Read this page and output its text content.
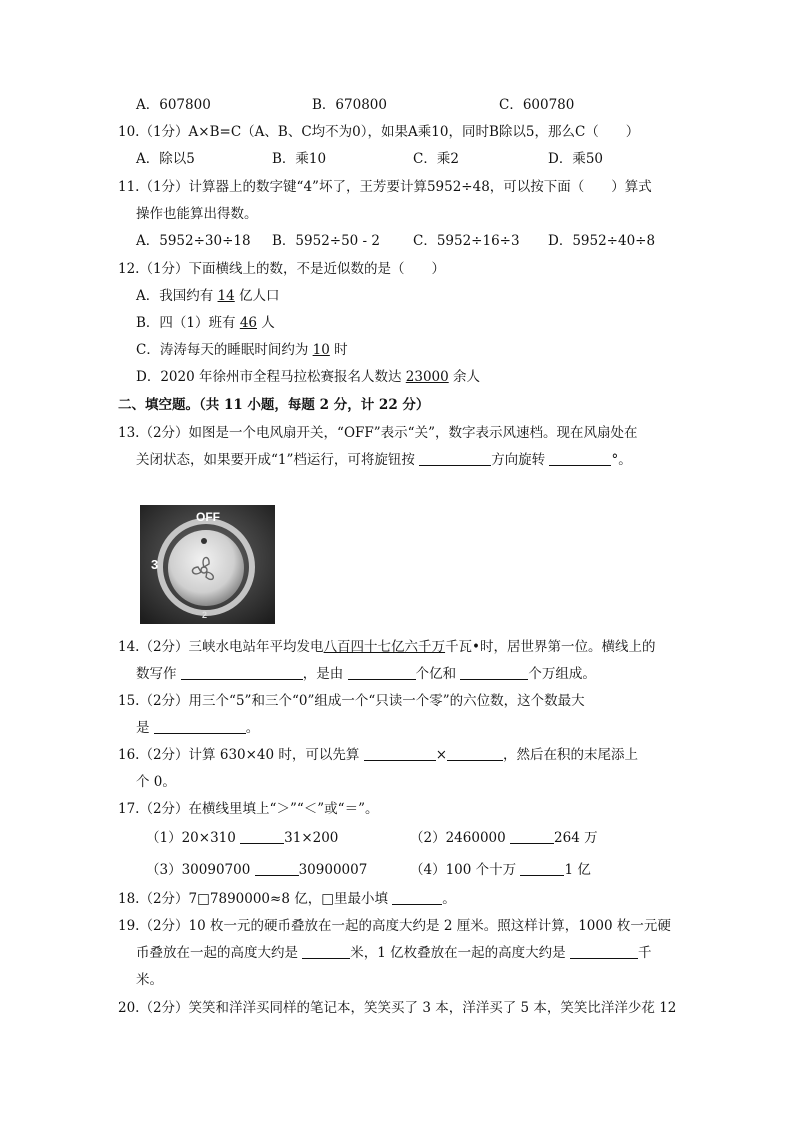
A．607800	B．670800	C．600780
10.（1分）A×B=C（A、B、C均不为0），如果A乘10，同时B除以5，那么C（　　）
A．除以5	B．乘10	C．乘2	D．乘50
11.（1分）计算器上的数字键“4”坏了，王芳要计算5952÷48，可以按下面（　　）算式
操作也能算出得数。
A．5952÷30÷18 B．5952÷50 - 2 C．5952÷16÷3 D．5952÷40÷8
12.（1分）下面横线上的数，不是近似数的是（　　）
A．我国约有 14 亿人口
B．四（1）班有 46 人
C．涛涛每天的睡眠时间约为 10 时
D．2020 年徐州市全程马拉松赛报名人数达 23000 余人
二、填空题。（共 11 小题，每题 2 分，计 22 分）
13.（2分）如图是一个电风扇开关，“OFF”表示“关”，数字表示风速档。现在风扇处在
关闭状态，如果要开成“1”档运行，可将旋钮按	方向旋转	°。
OFF
3
2
14.（2分）三峡水电站年平均发电八百四十七亿六千万千瓦•时，居世界第一位。横线上的
数写作	，是由	个亿和	个万组成。
15.（2分）用三个“5”和三个“0”组成一个“只读一个零”的六位数，这个数最大
是	。
16.（2分）计算 630×40 时，可以先算	×	，然后在积的末尾添上
个 0。
17.（2分）在横线里填上“＞”“＜”或“＝”。
（1）20×310	31×200	（2）2460000	264 万
（3）30090700	30900007	（4）100 个十万	1 亿
18.（2分）7□7890000≈8 亿，□里最小填	。
19.（2分）10 枚一元的硬币叠放在一起的高度大约是 2 厘米。照这样计算，1000 枚一元硬
币叠放在一起的高度大约是	米，1 亿枚叠放在一起的高度大约是	千
米。
20.（2分）笑笑和洋洋买同样的笔记本，笑笑买了 3 本，洋洋买了 5 本，笑笑比洋洋少花 12
